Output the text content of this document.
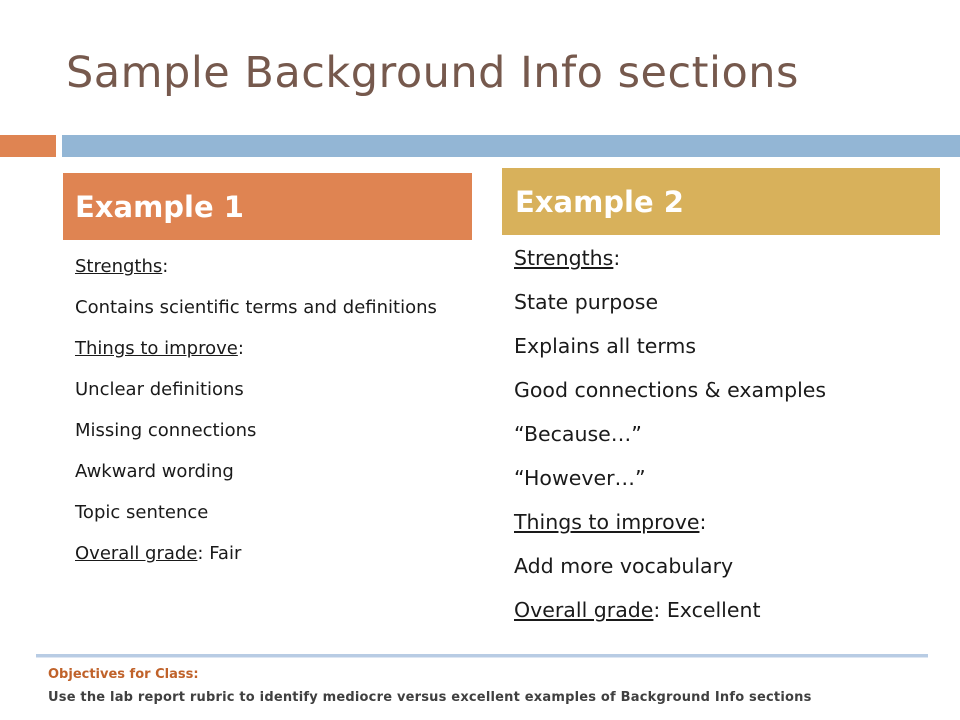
Sample Background Info sections
Example 1
Strengths:
Contains scientific terms and definitions
Things to improve:
Unclear definitions
Missing connections
Awkward wording
Topic sentence
Overall grade: Fair
Example 2
Strengths:
State purpose
Explains all terms
Good connections & examples
“Because…”
“However…”
Things to improve:
Add more vocabulary
Overall grade: Excellent
Objectives for Class:
Use the lab report rubric to identify mediocre versus excellent examples of Background Info sections
